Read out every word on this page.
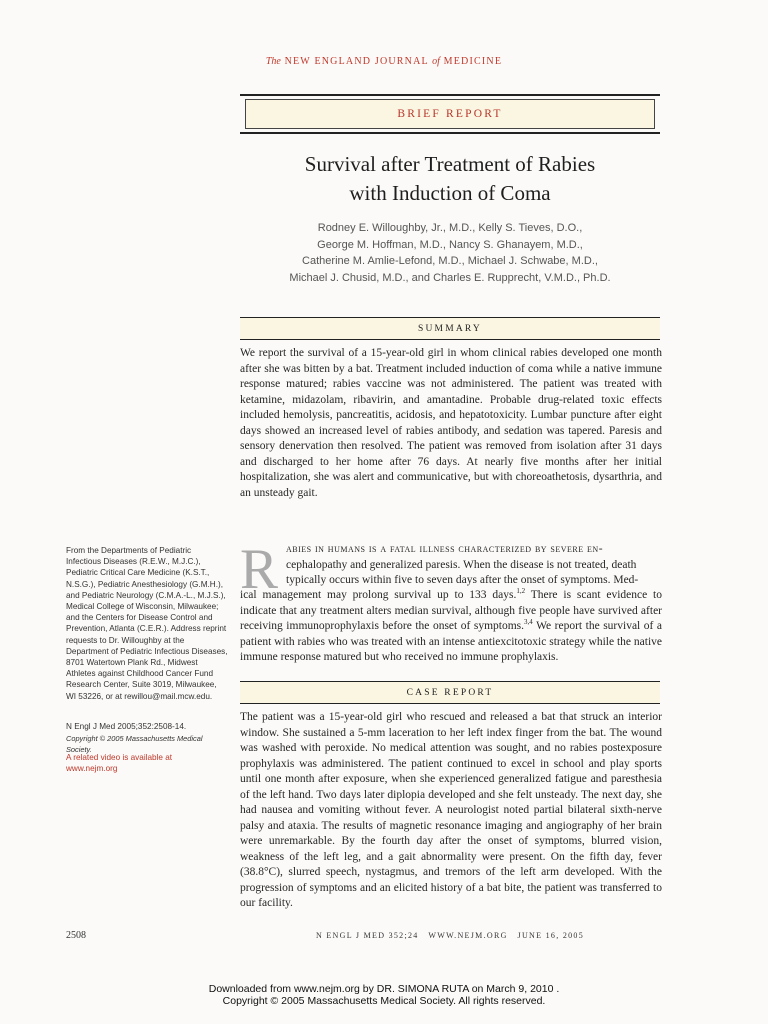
The NEW ENGLAND JOURNAL of MEDICINE
BRIEF REPORT
Survival after Treatment of Rabies
with Induction of Coma
Rodney E. Willoughby, Jr., M.D., Kelly S. Tieves, D.O.,
George M. Hoffman, M.D., Nancy S. Ghanayem, M.D.,
Catherine M. Amlie-Lefond, M.D., Michael J. Schwabe, M.D.,
Michael J. Chusid, M.D., and Charles E. Rupprecht, V.M.D., Ph.D.
SUMMARY
We report the survival of a 15-year-old girl in whom clinical rabies developed one month after she was bitten by a bat. Treatment included induction of coma while a native immune response matured; rabies vaccine was not administered. The patient was treated with ketamine, midazolam, ribavirin, and amantadine. Probable drug-related toxic effects included hemolysis, pancreatitis, acidosis, and hepatotoxicity. Lumbar puncture after eight days showed an increased level of rabies antibody, and sedation was tapered. Paresis and sensory denervation then resolved. The patient was removed from isolation after 31 days and discharged to her home after 76 days. At nearly five months after her initial hospitalization, she was alert and communicative, but with choreoathetosis, dysarthria, and an unsteady gait.
R abies in humans is a fatal illness characterized by severe en-
cephalopathy and generalized paresis. When the disease is not treated, death
typically occurs within five to seven days after the onset of symptoms. Med-
ical management may prolong survival up to 133 days.$^{1,2}$ There is scant evidence to indicate that any treatment alters median survival, although five people have survived after receiving immunoprophylaxis before the onset of symptoms.$^{3,4}$ We report the survival of a patient with rabies who was treated with an intense antiexcitotoxic strategy while the native immune response matured but who received no immune prophylaxis.
CASE REPORT
The patient was a 15-year-old girl who rescued and released a bat that struck an interior window. She sustained a 5-mm laceration to her left index finger from the bat. The wound was washed with peroxide. No medical attention was sought, and no rabies postexposure prophylaxis was administered. The patient continued to excel in school and play sports until one month after exposure, when she experienced generalized fatigue and paresthesia of the left hand. Two days later diplopia developed and she felt unsteady. The next day, she had nausea and vomiting without fever. A neurologist noted partial bilateral sixth-nerve palsy and ataxia. The results of magnetic resonance imaging and angiography of her brain were unremarkable. By the fourth day after the onset of symptoms, blurred vision, weakness of the left leg, and a gait abnormality were present. On the fifth day, fever (38.8°C), slurred speech, nystagmus, and tremors of the left arm developed. With the progression of symptoms and an elicited history of a bat bite, the patient was transferred to our facility.
From the Departments of Pediatric Infectious Diseases (R.E.W., M.J.C.), Pediatric Critical Care Medicine (K.S.T., N.S.G.), Pediatric Anesthesiology (G.M.H.), and Pediatric Neurology (C.M.A.-L., M.J.S.), Medical College of Wisconsin, Milwaukee; and the Centers for Disease Control and Prevention, Atlanta (C.E.R.). Address reprint requests to Dr. Willoughby at the Department of Pediatric Infectious Diseases, 8701 Watertown Plank Rd., Midwest Athletes against Childhood Cancer Fund Research Center, Suite 3019, Milwaukee, WI 53226, or at rewillou@mail.mcw.edu.
N Engl J Med 2005;352:2508-14.
Copyright © 2005 Massachusetts Medical Society.
A related video is available at www.nejm.org
2508	N ENGL J MED 352;24   WWW.NEJM.ORG   JUNE 16, 2005
Downloaded from www.nejm.org by DR. SIMONA RUTA on March 9, 2010 .
Copyright © 2005 Massachusetts Medical Society. All rights reserved.
